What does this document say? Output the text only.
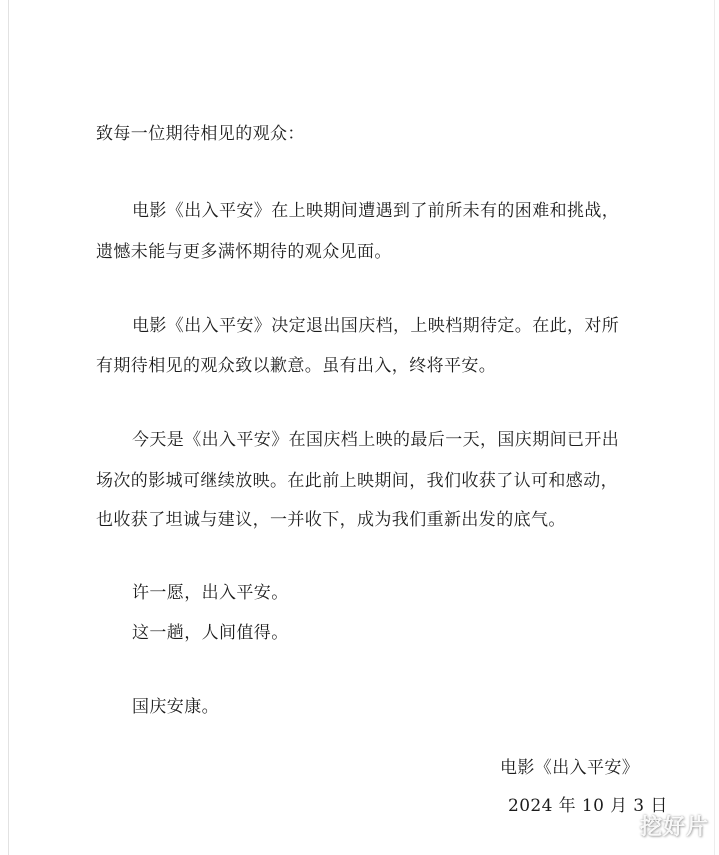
致每一位期待相见的观众：
电影《出入平安》在上映期间遭遇到了前所未有的困难和挑战，
遗憾未能与更多满怀期待的观众见面。
电影《出入平安》决定退出国庆档，上映档期待定。在此，对所
有期待相见的观众致以歉意。虽有出入，终将平安。
今天是《出入平安》在国庆档上映的最后一天，国庆期间已开出
场次的影城可继续放映。在此前上映期间，我们收获了认可和感动，
也收获了坦诚与建议，一并收下，成为我们重新出发的底气。
许一愿，出入平安。
这一趟，人间值得。
国庆安康。
电影《出入平安》
2024 年 10 月 3 日
挖好片
